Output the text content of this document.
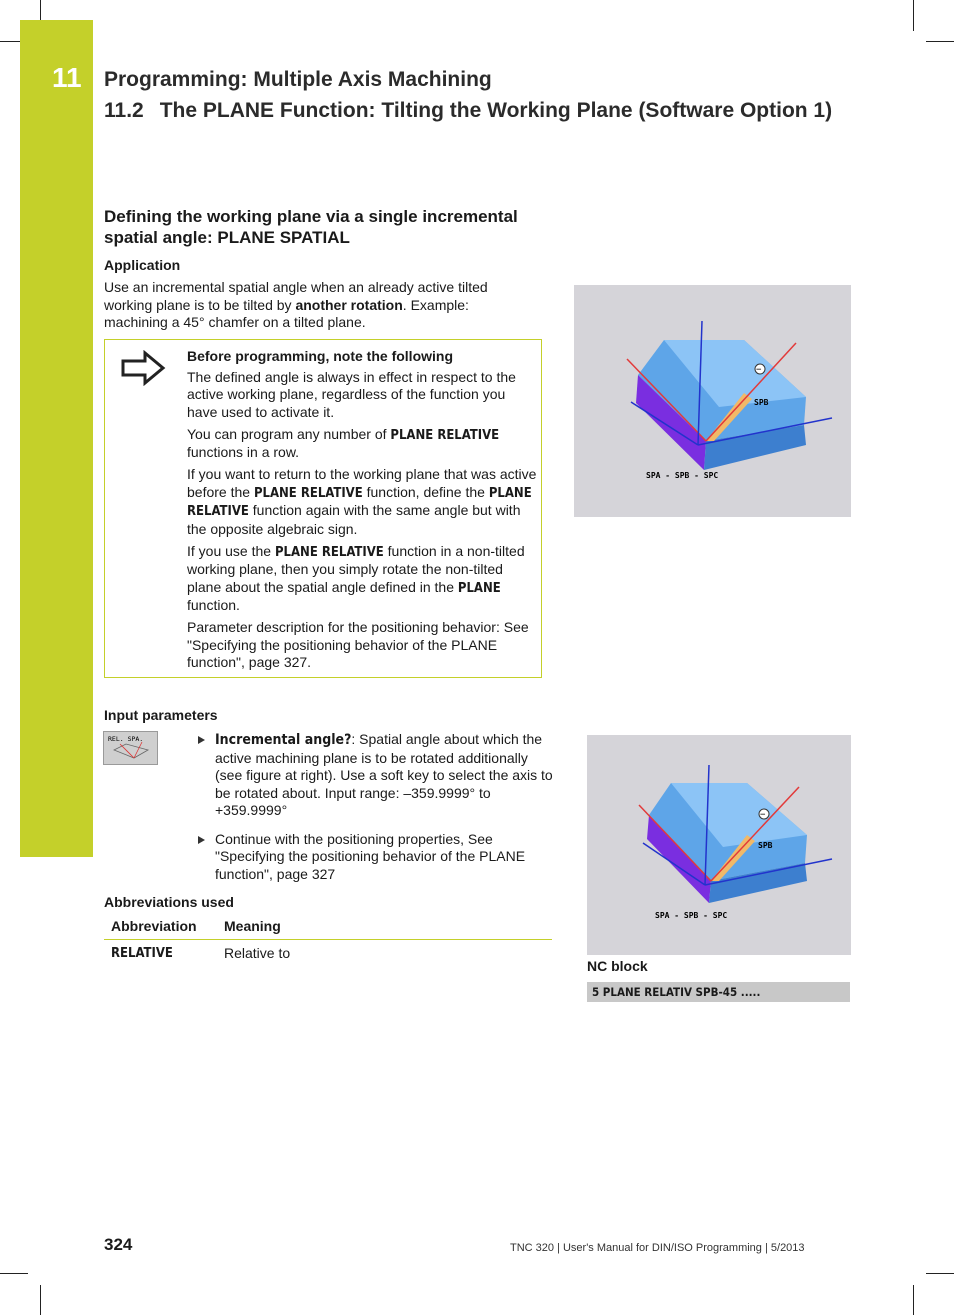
11 Programming: Multiple Axis Machining
11.2 The PLANE Function: Tilting the Working Plane (Software Option 1)
Defining the working plane via a single incremental spatial angle: PLANE SPATIAL
Application
Use an incremental spatial angle when an already active tilted working plane is to be tilted by another rotation. Example: machining a 45° chamfer on a tilted plane.

Before programming, note the following

The defined angle is always in effect in respect to the active working plane, regardless of the function you have used to activate it.

You can program any number of PLANE RELATIVE functions in a row.

If you want to return to the working plane that was active before the PLANE RELATIVE function, define the PLANE RELATIVE function again with the same angle but with the opposite algebraic sign.

If you use the PLANE RELATIVE function in a non-tilted working plane, then you simply rotate the non-tilted plane about the spatial angle defined in the PLANE function.

Parameter description for the positioning behavior: See "Specifying the positioning behavior of the PLANE function", page 327.

−
SPB
SPA - SPB - SPC
Input parameters
REL. SPA.	Incremental angle?: Spatial angle about which the active machining plane is to be rotated additionally (see figure at right). Use a soft key to select the axis to be rotated about. Input range: –359.9999° to +359.9999°
Continue with the positioning properties, See "Specifying the positioning behavior of the PLANE function", page 327
Abbreviations used
Abbreviation	Meaning
RELATIVE	Relative to
−
SPB
SPA - SPB - SPC
NC block
5 PLANE RELATIV SPB-45 .....
324	TNC 320 | User's Manual for DIN/ISO Programming | 5/2013
